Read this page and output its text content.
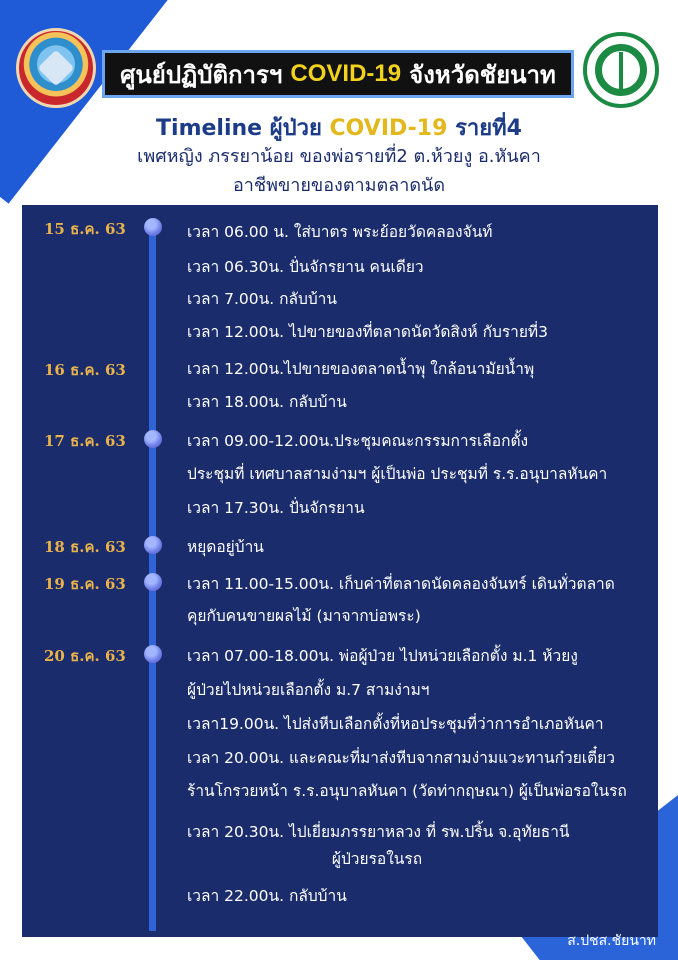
ศูนย์ปฏิบัติการฯ COVID-19 จังหวัดชัยนาท
Timeline ผู้ป่วย COVID-19 รายที่4
เพศหญิง ภรรยาน้อย ของพ่อรายที่2 ต.ห้วยงู อ.หันคา
อาชีพขายของตามตลาดนัด
15 ธ.ค. 63	เวลา 06.00 น. ใส่บาตร พระย้อยวัดคลองจันท์
เวลา 06.30น. ปั่นจักรยาน คนเดียว
เวลา 7.00น. กลับบ้าน
เวลา 12.00น. ไปขายของที่ตลาดนัดวัดสิงห์ กับรายที่3
16 ธ.ค. 63	เวลา 12.00น.ไปขายของตลาดน้ำพุ ใกล้อนามัยน้ำพุ
เวลา 18.00น. กลับบ้าน
17 ธ.ค. 63	เวลา 09.00-12.00น.ประชุมคณะกรรมการเลือกตั้ง
ประชุมที่ เทศบาลสามง่ามฯ ผู้เป็นพ่อ ประชุมที่ ร.ร.อนุบาลหันคา
เวลา 17.30น. ปั่นจักรยาน
18 ธ.ค. 63	หยุดอยู่บ้าน
19 ธ.ค. 63	เวลา 11.00-15.00น. เก็บค่าที่ตลาดนัดคลองจันทร์ เดินทั่วตลาด
คุยกับคนขายผลไม้ (มาจากบ่อพระ)
20 ธ.ค. 63	เวลา 07.00-18.00น. พ่อผู้ป่วย ไปหน่วยเลือกตั้ง ม.1 ห้วยงู
ผู้ป่วยไปหน่วยเลือกตั้ง ม.7 สามง่ามฯ
เวลา19.00น. ไปส่งหีบเลือกตั้งที่หอประชุมที่ว่าการอำเภอหันคา
เวลา 20.00น. และคณะที่มาส่งหีบจากสามง่ามแวะทานก๋วยเตี๋ยว
ร้านโกรวยหน้า ร.ร.อนุบาลหันคา (วัดท่ากฤษณา) ผู้เป็นพ่อรอในรถ
เวลา 20.30น. ไปเยี่ยมภรรยาหลวง ที่ รพ.ปริ้น จ.อุทัยธานี
ผู้ป่วยรอในรถ
เวลา 22.00น. กลับบ้าน
ส.ปชส.ชัยนาท
